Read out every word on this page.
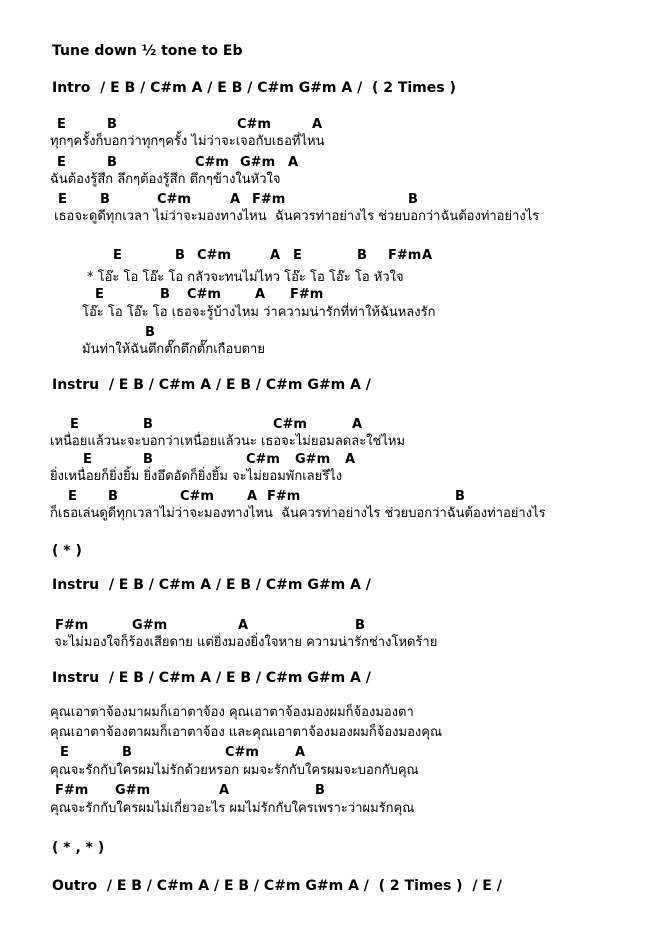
Tune down ½ tone to Eb
Intro  / E B / C#m A / E B / C#m G#m A /  ( 2 Times )
E	B	C#m	A
ทุกๆครั้งก็บอกว่าทุกๆครั้ง ไม่ว่าจะเจอกับเธอที่ไหน
E	B	C#m G#m A
ฉันต้องรู้สึก ลึกๆต้องรู้สึก ตึกๆข้างในหัวใจ
E	B	C#m	A F#m	B
เธอจะดูดีทุกเวลา ไม่ว่าจะมองทางไหน  ฉันควรท่าอย่างไร ช่วยบอกว่าฉันต้องท่าอย่างไร
E	B C#m	A E	B F#m A
* โอ๊ะ โอ โอ๊ะ โอ กลัวจะทนไม่ไหว โอ๊ะ โอ โอ๊ะ โอ หัวใจ
E	B C#m	A F#m
โอ๊ะ โอ โอ๊ะ โอ เธอจะรู้บ้างไหม ว่าความน่ารักที่ท่าให้ฉันหลงรัก
B
มันท่าให้ฉันตึกตั๊กตึกตั๊กเกือบตาย
Instru  / E B / C#m A / E B / C#m G#m A /
E	B	C#m	A
เหนื่อยแล้วนะจะบอกว่าเหนื่อยแล้วนะ เธอจะไม่ยอมลดละใช่ไหม
E	B	C#m G#m A
ยิ่งเหนื่อยก็ยิ่งยิ้ม ยิ่งอึดอัดก็ยิ่งยิ้ม จะไม่ยอมพักเลยรึไง
E B	C#m	A F#m	B
ก็เธอเล่นดูดีทุกเวลาไม่ว่าจะมองทางไหน  ฉันควรท่าอย่างไร ช่วยบอกว่าฉันต้องท่าอย่างไร
( * )
Instru  / E B / C#m A / E B / C#m G#m A /
F#m	G#m	A	B
จะไม่มองใจก็ร้องเสียดาย แต่ยิ่งมองยิ่งใจหาย ความน่ารักช่างโหดร้าย
Instru  / E B / C#m A / E B / C#m G#m A /
คุณเอาตาจ้องมาผมก็เอาตาจ้อง คุณเอาตาจ้องมองผมก็จ้องมองตา
คุณเอาตาจ้องตาผมก็เอาตาจ้อง และคุณเอาตาจ้องมองผมก็จ้องมองคุณ
E	B	C#m	A
คุณจะรักกับใครผมไม่รักด้วยหรอก ผมจะรักกับใครผมจะบอกกับคุณ
F#m G#m	A	B
คุณจะรักกับใครผมไม่เกี่ยวอะไร ผมไม่รักกับใครเพราะว่าผมรักคุณ
( * , * )
Outro  / E B / C#m A / E B / C#m G#m A /  ( 2 Times )  / E /
